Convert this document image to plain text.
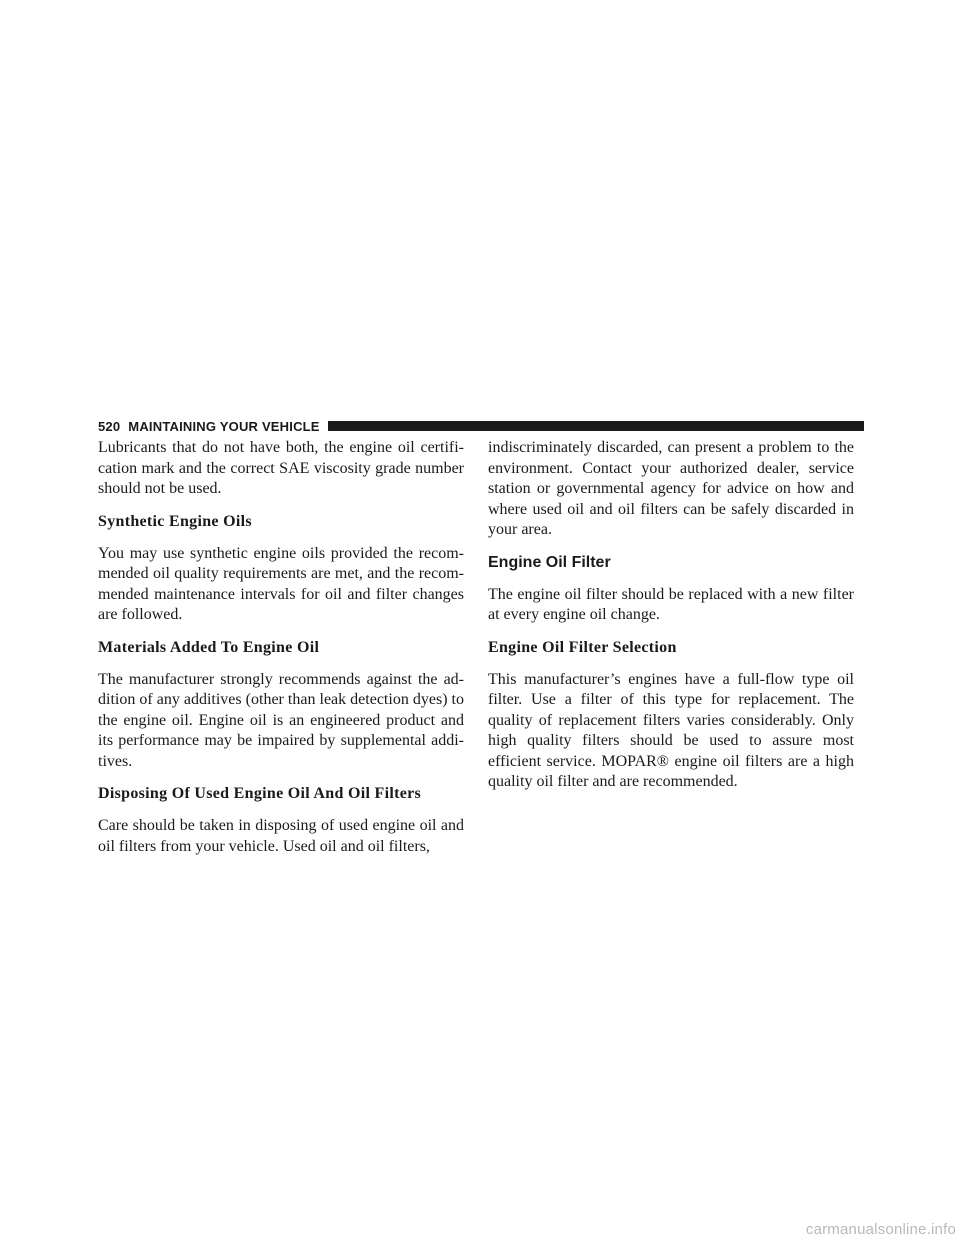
520 MAINTAINING YOUR VEHICLE

Lubricants that do not have both, the engine oil certifi-cation mark and the correct SAE viscosity grade number should not be used.

Synthetic Engine Oils

You may use synthetic engine oils provided the recom-mended oil quality requirements are met, and the recom-mended maintenance intervals for oil and filter changes are followed.

Materials Added To Engine Oil

The manufacturer strongly recommends against the ad-dition of any additives (other than leak detection dyes) to the engine oil. Engine oil is an engineered product and its performance may be impaired by supplemental addi-tives.

Disposing Of Used Engine Oil And Oil Filters

Care should be taken in disposing of used engine oil and oil filters from your vehicle. Used oil and oil filters,

indiscriminately discarded, can present a problem to the environment. Contact your authorized dealer, service station or governmental agency for advice on how and where used oil and oil filters can be safely discarded in your area.

Engine Oil Filter

The engine oil filter should be replaced with a new filter at every engine oil change.

Engine Oil Filter Selection

This manufacturer’s engines have a full-flow type oil filter. Use a filter of this type for replacement. The quality of replacement filters varies considerably. Only high quality filters should be used to assure most efficient service. MOPAR® engine oil filters are a high quality oil filter and are recommended.

carmanualsonline.info
